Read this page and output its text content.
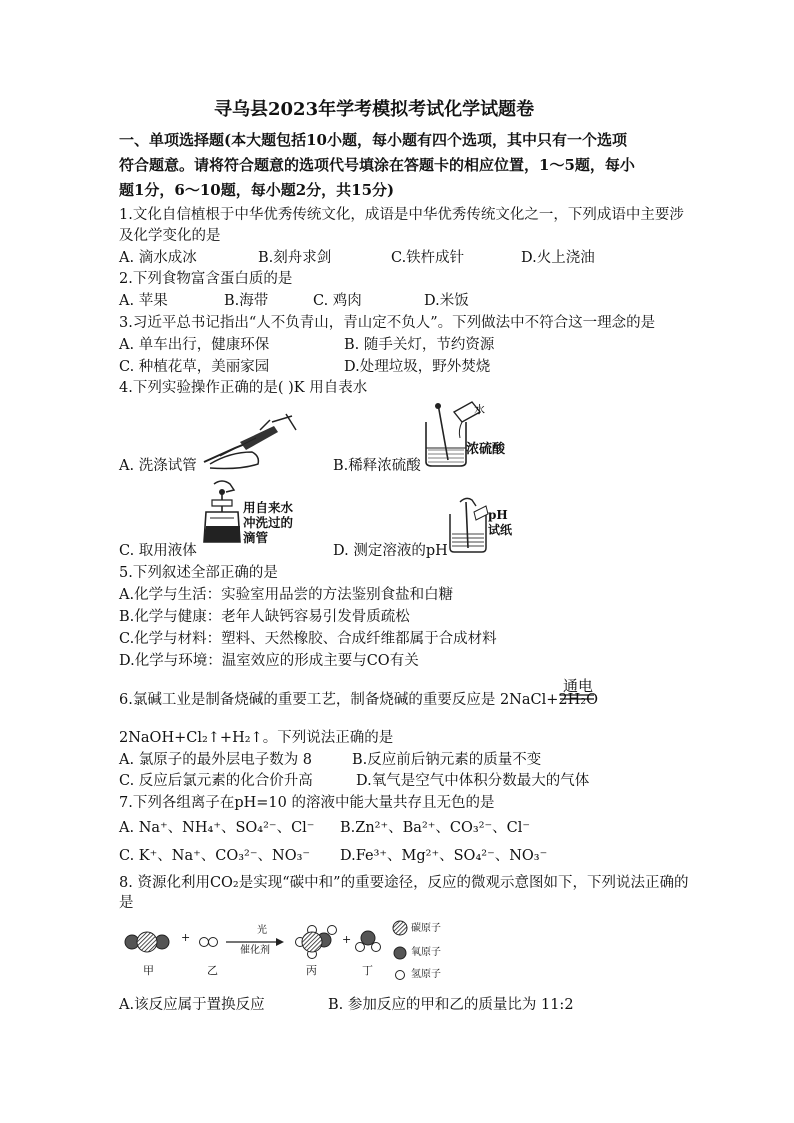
寻乌县2023年学考模拟考试化学试题卷
一、单项选择题(本大题包括10小题，每小题有四个选项，其中只有一个选项
符合题意。请将符合题意的选项代号填涂在答题卡的相应位置，1～5题，每小
题1分，6～10题，每小题2分，共15分)
1.文化自信植根于中华优秀传统文化，成语是中华优秀传统文化之一，下列成语中主要涉
及化学变化的是
A. 滴水成冰	B.刻舟求剑	C.铁杵成针	D.火上浇油
2.下列食物富含蛋白质的是
A. 苹果	B.海带	C. 鸡肉	D.米饭
3.习近平总书记指出“人不负青山，青山定不负人”。下列做法中不符合这一理念的是
A. 单车出行，健康环保	B. 随手关灯，节约资源
C. 种植花草，美丽家园	D.处理垃圾，野外焚烧
4.下列实验操作正确的是( )K 用自表水
水
浓硫酸
A. 洗涤试管	B.稀释浓硫酸
用自来水
冲洗过的
滴管
pH
试纸
C. 取用液体	D. 测定溶液的pH
5.下列叙述全部正确的是
A.化学与生活：实验室用品尝的方法鉴别食盐和白糖
B.化学与健康：老年人缺钙容易引发骨质疏松
C.化学与材料：塑料、天然橡胶、合成纤维都属于合成材料
D.化学与环境：温室效应的形成主要与CO有关
6.氯碱工业是制备烧碱的重要工艺，制备烧碱的重要反应是 2NaCl+2H₂O
通电
2NaOH+Cl₂↑+H₂↑。下列说法正确的是
A. 氯原子的最外层电子数为 8	B.反应前后钠元素的质量不变
C. 反应后氯元素的化合价升高	D.氧气是空气中体积分数最大的气体
7.下列各组离子在pH=10 的溶液中能大量共存且无色的是
A. Na⁺、NH₄⁺、SO₄²⁻、Cl⁻ B.Zn²⁺、Ba²⁺、CO₃²⁻、Cl⁻
C. K⁺、Na⁺、CO₃²⁻、NO₃⁻ D.Fe³⁺、Mg²⁺、SO₄²⁻、NO₃⁻
8. 资源化利用CO₂是实现“碳中和”的重要途径，反应的微观示意图如下，下列说法正确的
是
+	+
光
催化剂
甲	乙	丙	丁
碳原子
氧原子
氢原子
A.该反应属于置换反应	B. 参加反应的甲和乙的质量比为 11:2
